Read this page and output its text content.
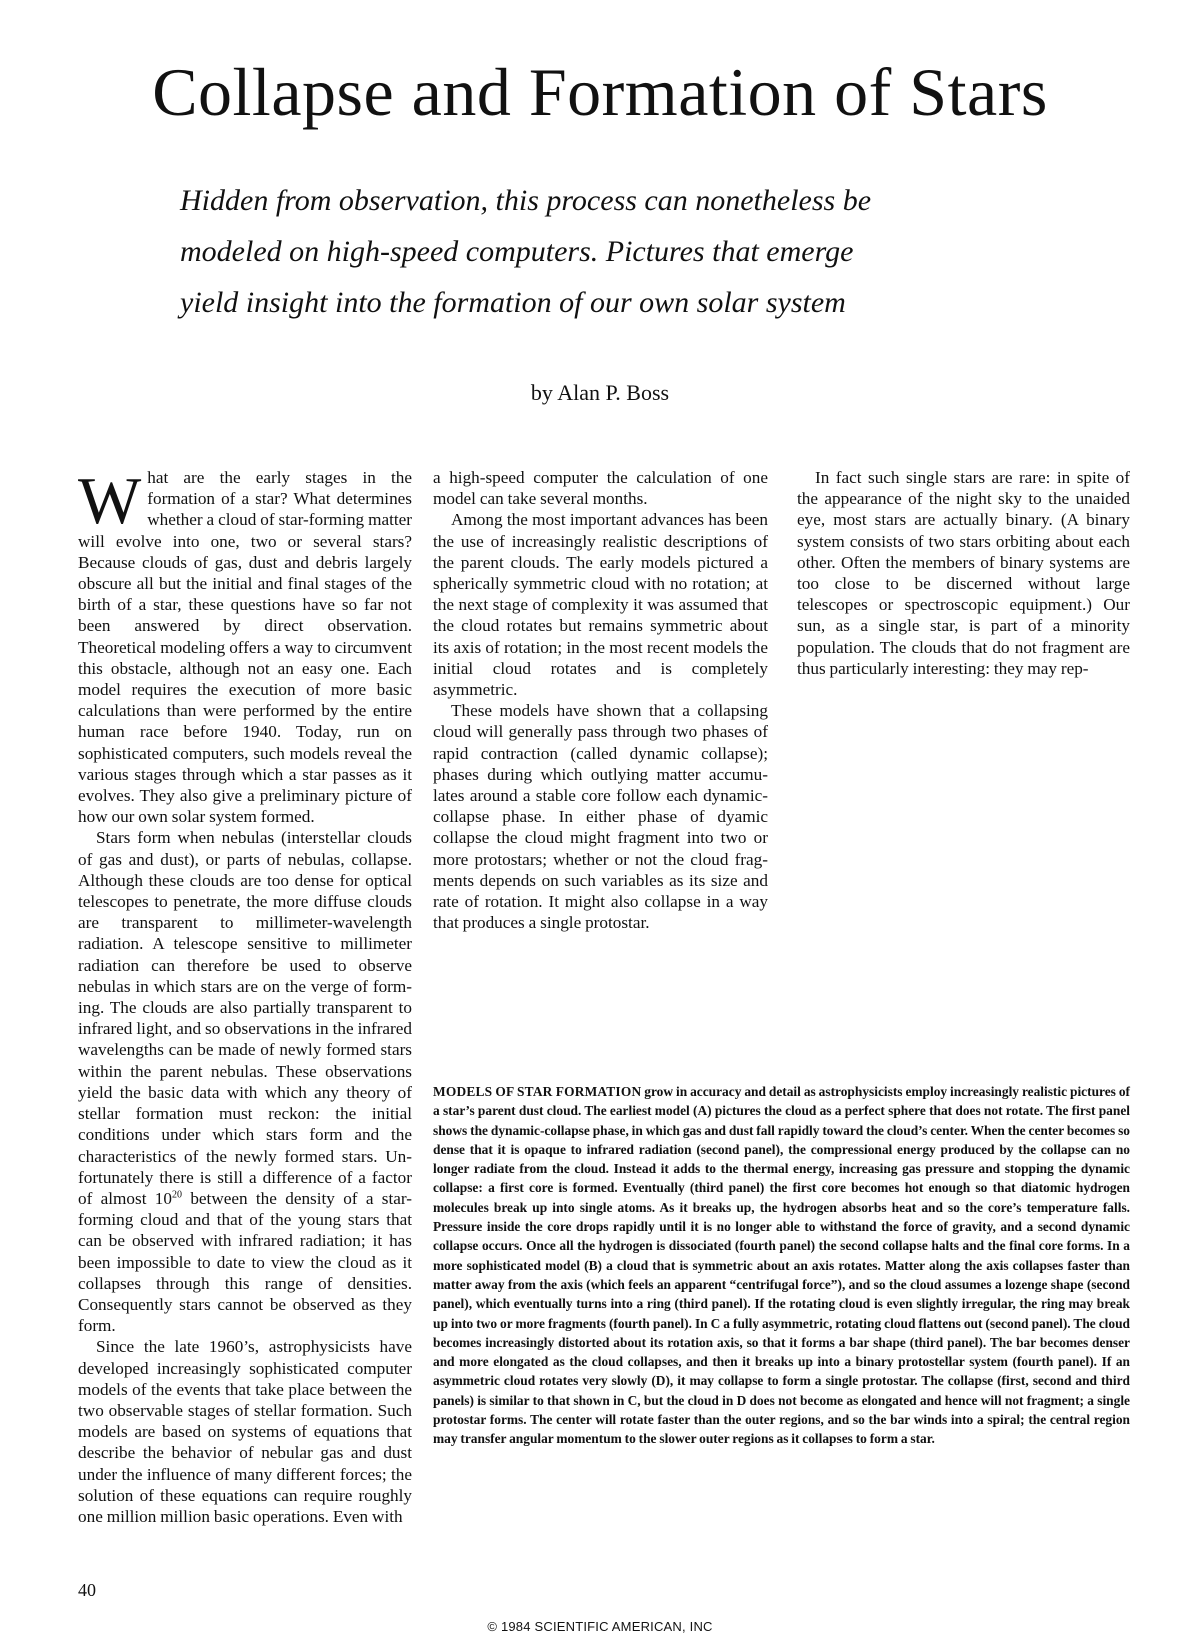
Collapse and Formation of Stars
Hidden from observation, this process can nonetheless be
modeled on high-speed computers. Pictures that emerge
yield insight into the formation of our own solar system
by Alan P. Boss

What are the early stages in the formation of a star? What determines whether a cloud of star-forming matter will evolve into one, two or several stars? Because clouds of gas, dust and debris largely obscure all but the initial and final stages of the birth of a star, these questions have so far not been answered by direct observation. Theoretical modeling offers a way to circumvent this obstacle, although not an easy one. Each model requires the execution of more basic calculations than were performed by the entire human race before 1940. Today, run on sophisticated computers, such models reveal the various stages through which a star passes as it evolves. They also give a preliminary picture of how our own solar system formed.

Stars form when nebulas (interstellar clouds of gas and dust), or parts of nebulas, collapse. Although these clouds are too dense for optical telescopes to penetrate, the more diffuse clouds are transparent to millimeter-wavelength radiation. A telescope sensitive to millimeter radiation can therefore be used to observe nebulas in which stars are on the verge of forming. The clouds are also partially transparent to infrared light, and so observations in the infrared wavelengths can be made of newly formed stars within the parent nebulas. These observations yield the basic data with which any theory of stellar formation must reckon: the initial conditions under which stars form and the characteristics of the newly formed stars. Unfortunately there is still a difference of a factor of almost $10^{20}$ between the density of a star-forming cloud and that of the young stars that can be observed with infrared radiation; it has been impossible to date to view the cloud as it collapses through this range of densities. Consequently stars cannot be observed as they form.

Since the late 1960’s, astrophysicists have developed increasingly sophisticated computer models of the events that take place between the two observable stages of stellar formation. Such models are based on systems of equations that describe the behavior of nebular gas and dust under the influence of many different forces; the solution of these equations can require roughly one million million basic operations. Even with

a high-speed computer the calculation of one model can take several months.

Among the most important advances has been the use of increasingly realistic descriptions of the parent clouds. The early models pictured a spherically symmetric cloud with no rotation; at the next stage of complexity it was assumed that the cloud rotates but remains symmetric about its axis of rotation; in the most recent models the initial cloud rotates and is completely asymmetric.

These models have shown that a collapsing cloud will generally pass through two phases of rapid contraction (called dynamic collapse); phases during which outlying matter accumulates around a stable core follow each dynamic-collapse phase. In either phase of dyamic collapse the cloud might fragment into two or more protostars; whether or not the cloud fragments depends on such variables as its size and rate of rotation. It might also collapse in a way that produces a single protostar.

In fact such single stars are rare: in spite of the appearance of the night sky to the unaided eye, most stars are actually binary. (A binary system consists of two stars orbiting about each other. Often the members of binary systems are too close to be discerned without large telescopes or spectroscopic equipment.) Our sun, as a single star, is part of a minority population. The clouds that do not fragment are thus particularly interesting: they may rep-

MODELS OF STAR FORMATION grow in accuracy and detail as astrophysicists employ increasingly realistic pictures of a star’s parent dust cloud. The earliest model (A) pictures the cloud as a perfect sphere that does not rotate. The first panel shows the dynamic-collapse phase, in which gas and dust fall rapidly toward the cloud’s center. When the center becomes so dense that it is opaque to infrared radiation (second panel), the compressional energy produced by the collapse can no longer radiate from the cloud. Instead it adds to the thermal energy, increasing gas pressure and stopping the dynamic collapse: a first core is formed. Eventually (third panel) the first core becomes hot enough so that diatomic hydrogen molecules break up into single atoms. As it breaks up, the hydrogen absorbs heat and so the core’s temperature falls. Pressure inside the core drops rapidly until it is no longer able to withstand the force of gravity, and a second dynamic collapse occurs. Once all the hydrogen is dissociated (fourth panel) the second collapse halts and the final core forms. In a more sophisticated model (B) a cloud that is symmetric about an axis rotates. Matter along the axis collapses faster than matter away from the axis (which feels an apparent “centrifugal force”), and so the cloud assumes a lozenge shape (second panel), which eventually turns into a ring (third panel). If the rotating cloud is even slightly irregular, the ring may break up into two or more fragments (fourth panel). In C a fully asymmetric, rotating cloud flattens out (second panel). The cloud becomes increasingly distorted about its rotation axis, so that it forms a bar shape (third panel). The bar becomes denser and more elongated as the cloud collapses, and then it breaks up into a binary protostellar system (fourth panel). If an asymmetric cloud rotates very slowly (D), it may collapse to form a single protostar. The collapse (first, second and third panels) is similar to that shown in C, but the cloud in D does not become as elongated and hence will not fragment; a single protostar forms. The center will rotate faster than the outer regions, and so the bar winds into a spiral; the central region may transfer angular momentum to the slower outer regions as it collapses to form a star.

40
© 1984 SCIENTIFIC AMERICAN, INC
